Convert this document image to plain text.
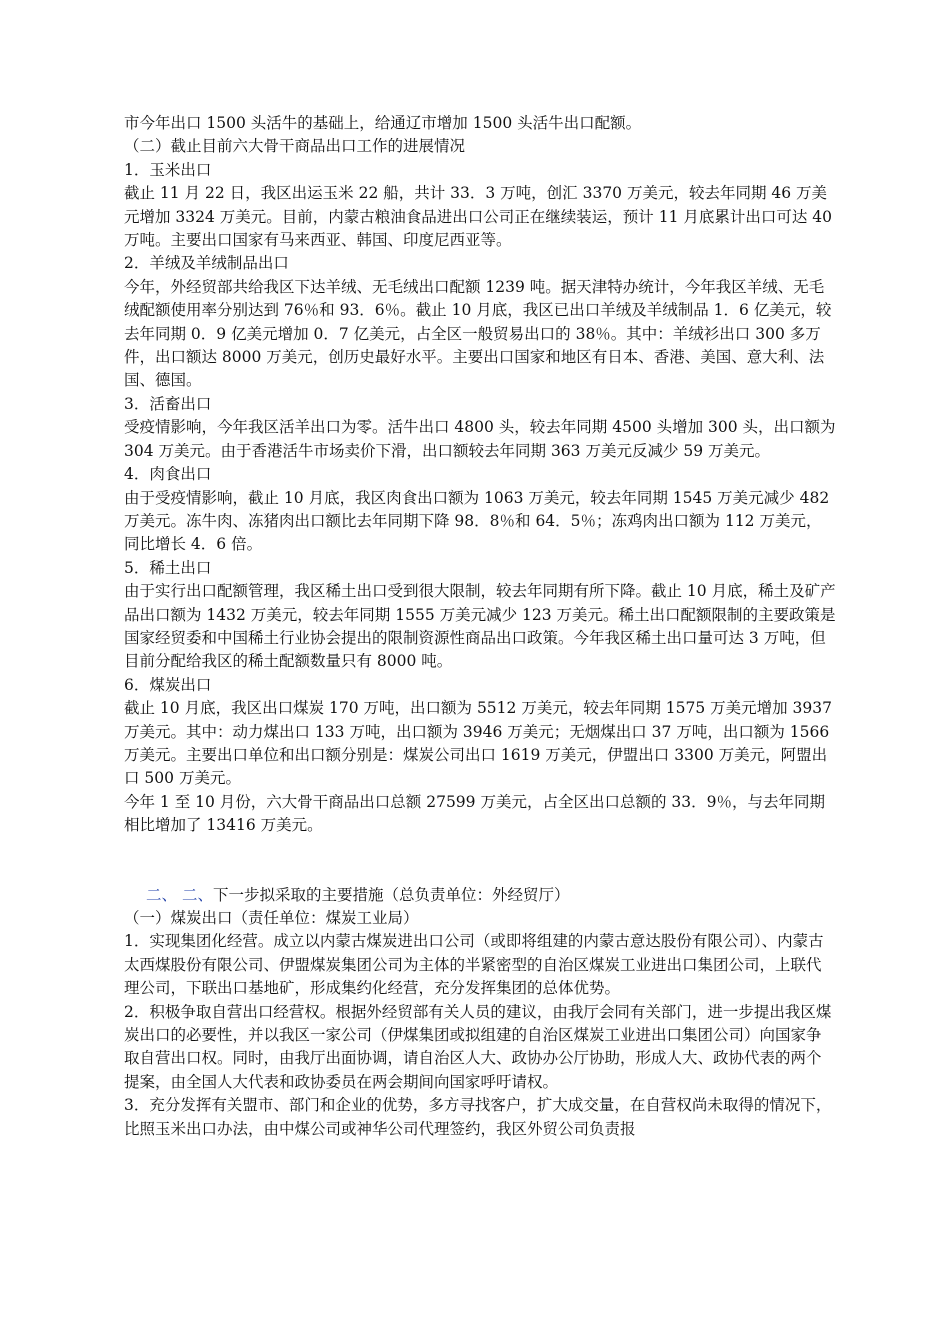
市今年出口 1500 头活牛的基础上，给通辽市增加 1500 头活牛出口配额。

（二）截止目前六大骨干商品出口工作的进展情况

1．玉米出口

截止 11 月 22 日，我区出运玉米 22 船，共计 33．3 万吨，创汇 3370 万美元，较去年同期 46 万美元增加 3324 万美元。目前，内蒙古粮油食品进出口公司正在继续装运，预计 11 月底累计出口可达 40 万吨。主要出口国家有马来西亚、韩国、印度尼西亚等。

2．羊绒及羊绒制品出口

今年，外经贸部共给我区下达羊绒、无毛绒出口配额 1239 吨。据天津特办统计，今年我区羊绒、无毛绒配额使用率分别达到 76％和 93．6％。截止 10 月底，我区已出口羊绒及羊绒制品 1．6 亿美元，较去年同期 0．9 亿美元增加 0．7 亿美元，占全区一般贸易出口的 38％。其中：羊绒衫出口 300 多万件，出口额达 8000 万美元，创历史最好水平。主要出口国家和地区有日本、香港、美国、意大利、法国、德国。

3．活畜出口

受疫情影响，今年我区活羊出口为零。活牛出口 4800 头，较去年同期 4500 头增加 300 头，出口额为 304 万美元。由于香港活牛市场卖价下滑，出口额较去年同期 363 万美元反减少 59 万美元。

4．肉食出口

由于受疫情影响，截止 10 月底，我区肉食出口额为 1063 万美元，较去年同期 1545 万美元减少 482 万美元。冻牛肉、冻猪肉出口额比去年同期下降 98．8％和 64．5％；冻鸡肉出口额为 112 万美元，同比增长 4．6 倍。

5．稀土出口

由于实行出口配额管理，我区稀土出口受到很大限制，较去年同期有所下降。截止 10 月底，稀土及矿产品出口额为 1432 万美元，较去年同期 1555 万美元减少 123 万美元。稀土出口配额限制的主要政策是国家经贸委和中国稀土行业协会提出的限制资源性商品出口政策。今年我区稀土出口量可达 3 万吨，但目前分配给我区的稀土配额数量只有 8000 吨。

6．煤炭出口

截止 10 月底，我区出口煤炭 170 万吨，出口额为 5512 万美元，较去年同期 1575 万美元增加 3937 万美元。其中：动力煤出口 133 万吨，出口额为 3946 万美元；无烟煤出口 37 万吨，出口额为 1566 万美元。主要出口单位和出口额分别是：煤炭公司出口 1619 万美元，伊盟出口 3300 万美元，阿盟出口 500 万美元。

今年 1 至 10 月份，六大骨干商品出口总额 27599 万美元，占全区出口总额的 33．9％，与去年同期相比增加了 13416 万美元。

二、 二、下一步拟采取的主要措施（总负责单位：外经贸厅）

（一）煤炭出口（责任单位：煤炭工业局）

1．实现集团化经营。成立以内蒙古煤炭进出口公司（或即将组建的内蒙古意达股份有限公司）、内蒙古太西煤股份有限公司、伊盟煤炭集团公司为主体的半紧密型的自治区煤炭工业进出口集团公司，上联代理公司，下联出口基地矿，形成集约化经营，充分发挥集团的总体优势。

2．积极争取自营出口经营权。根据外经贸部有关人员的建议，由我厅会同有关部门，进一步提出我区煤炭出口的必要性，并以我区一家公司（伊煤集团或拟组建的自治区煤炭工业进出口集团公司）向国家争取自营出口权。同时，由我厅出面协调，请自治区人大、政协办公厅协助，形成人大、政协代表的两个提案，由全国人大代表和政协委员在两会期间向国家呼吁请权。

3．充分发挥有关盟市、部门和企业的优势，多方寻找客户，扩大成交量，在自营权尚未取得的情况下，比照玉米出口办法，由中煤公司或神华公司代理签约，我区外贸公司负责报
